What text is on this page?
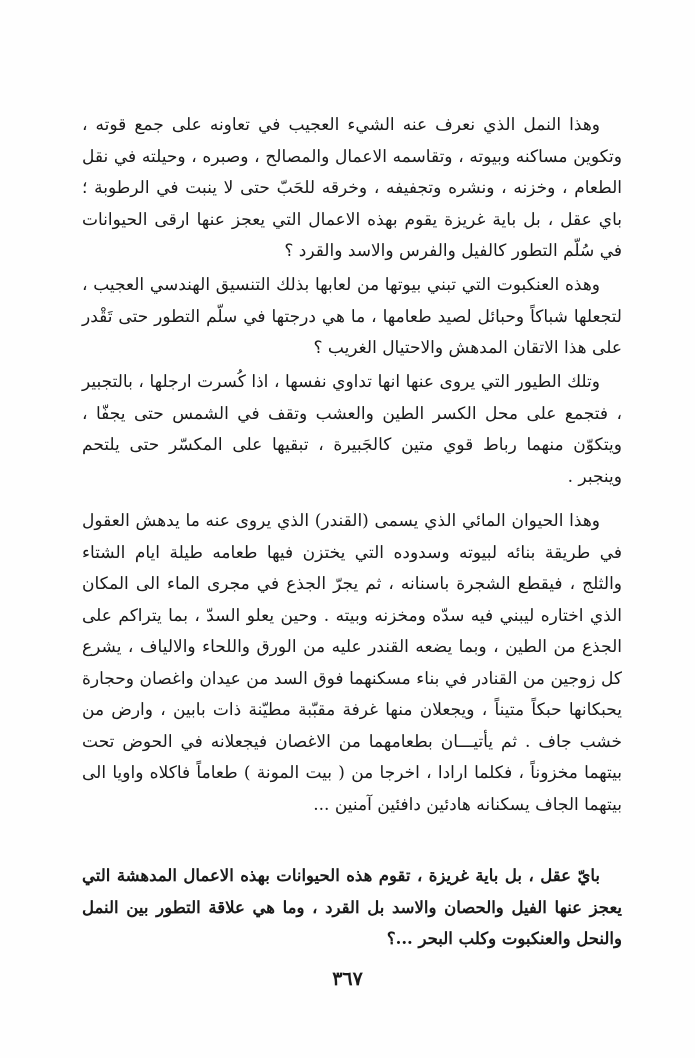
وهذا النمل الذي نعرف عنه الشيء العجيب في تعاونه على جمع قوته ، وتكوين مساكنه وبيوته ، وتقاسمه الاعمال والمصالح ، وصبره ، وحيلته في نقل الطعام ، وخزنه ، ونشره وتجفيفه ، وخرقه للحَبّ حتى لا ينبت في الرطوبة ؛ باي عقل ، بل باية غريزة يقوم بهذه الاعمال التي يعجز عنها ارقى الحيوانات في سُلّم التطور كالفيل والفرس والاسد والقرد ؟

وهذه العنكبوت التي تبني بيوتها من لعابها بذلك التنسيق الهندسي العجيب ، لتجعلها شباكاً وحبائل لصيد طعامها ، ما هي درجتها في سلّم التطور حتى تَقْدر على هذا الاتقان المدهش والاحتيال الغريب ؟

وتلك الطيور التي يروى عنها انها تداوي نفسها ، اذا كُسرت ارجلها ، بالتجبير ، فتجمع على محل الكسر الطين والعشب وتقف في الشمس حتى يجفّا ، ويتكوّن منهما رباط قوي متين كالجَبيرة ، تبقيها على المكسّر حتى يلتحم وينجبر .

وهذا الحيوان المائي الذي يسمى (القندر) الذي يروى عنه ما يدهش العقول في طريقة بنائه لبيوته وسدوده التي يختزن فيها طعامه طيلة ايام الشتاء والثلج ، فيقطع الشجرة باسنانه ، ثم يجرّ الجذع في مجرى الماء الى المكان الذي اختاره ليبني فيه سدّه ومخزنه وبيته . وحين يعلو السدّ ، بما يتراكم على الجذع من الطين ، وبما يضعه القندر عليه من الورق واللحاء والالياف ، يشرع كل زوجين من القنادر في بناء مسكنهما فوق السد من عيدان واغصان وحجارة يحبكانها حبكاً متيناً ، ويجعلان منها غرفة مقبّبة مطيّنة ذات بابين ، وارض من خشب جاف . ثم يأتيـــان بطعامهما من الاغصان فيجعلانه في الحوض تحت بيتهما مخزوناً ، فكلما ارادا ، اخرجا من ( بيت المونة ) طعاماً فاكلاه واويا الى بيتهما الجاف يسكنانه هادئين دافئين آمنين ...

بايّ عقل ، بل باية غريزة ، تقوم هذه الحيوانات بهذه الاعمال المدهشة التي يعجز عنها الفيل والحصان والاسد بل القرد ، وما هي علاقة التطور بين النمل والنحل والعنكبوت وكلب البحر ...؟

٣٦٧
